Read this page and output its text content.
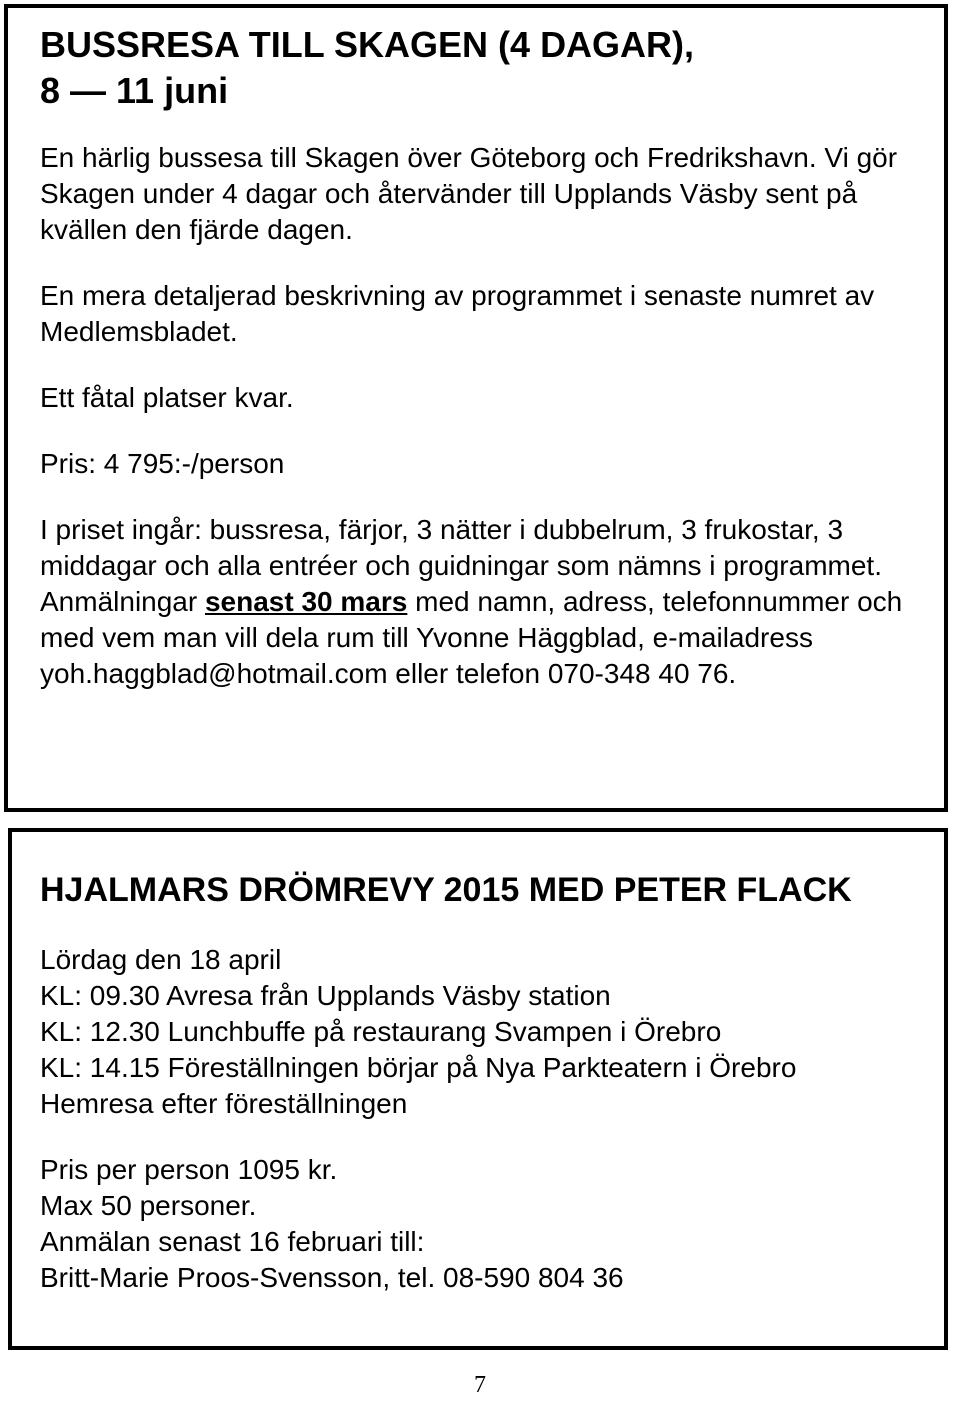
BUSSRESA TILL SKAGEN (4 DAGAR),

8 — 11 juni

En härlig bussesa till Skagen över Göteborg och Fredrikshavn. Vi gör Skagen under 4 dagar och återvänder till Upplands Väsby sent på kvällen den fjärde dagen.

En mera detaljerad beskrivning av programmet i senaste numret av Medlemsbladet.

Ett fåtal platser kvar.

Pris: 4 795:-/person

I priset ingår: bussresa, färjor, 3 nätter i dubbelrum, 3 frukostar, 3 middagar och alla entréer och guidningar som nämns i programmet.

Anmälningar senast 30 mars med namn, adress, telefonnummer och med vem man vill dela rum till Yvonne Häggblad, e-mailadress yoh.haggblad@hotmail.com eller telefon 070-348 40 76.

HJALMARS DRÖMREVY 2015 MED PETER FLACK

Lördag den 18 april

KL: 09.30 Avresa från Upplands Väsby station

KL: 12.30 Lunchbuffe på restaurang Svampen i Örebro

KL: 14.15 Föreställningen börjar på Nya Parkteatern i Örebro

Hemresa efter föreställningen

Pris per person 1095 kr.

Max 50 personer.

Anmälan senast 16 februari till:

Britt-Marie Proos-Svensson, tel. 08-590 804 36

7
